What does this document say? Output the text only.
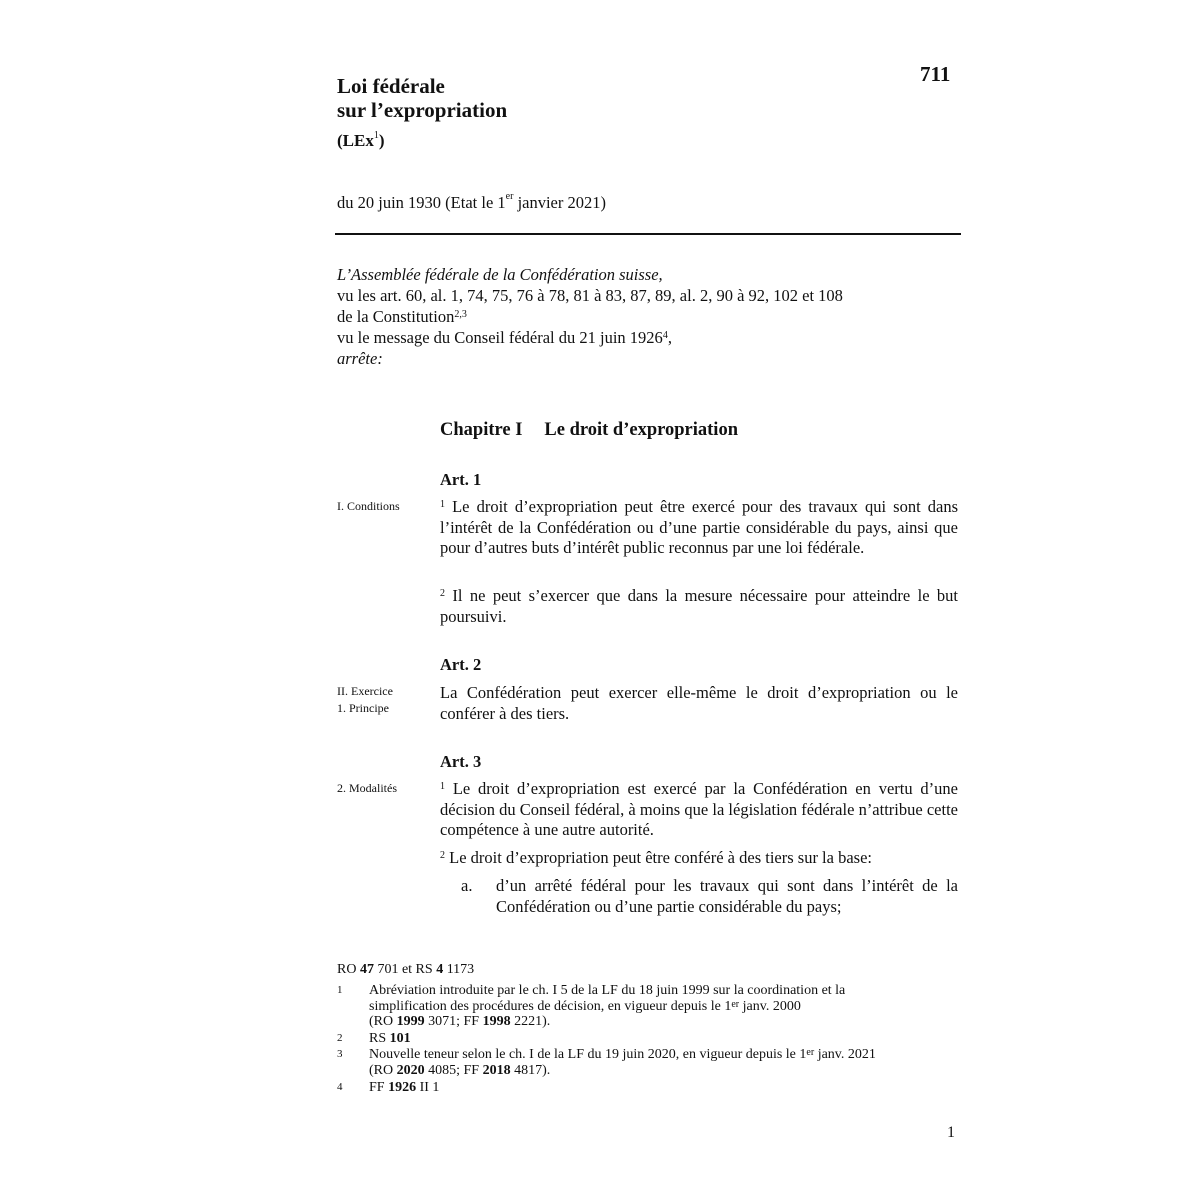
Loi fédérale
sur l’expropriation
711
(LEx$^1$)
du 20 juin 1930 (Etat le 1er janvier 2021)
L’Assemblée fédérale de la Confédération suisse,
vu les art. 60, al. 1, 74, 75, 76 à 78, 81 à 83, 87, 89, al. 2, 90 à 92, 102 et 108
de la Constitution$^{2,3}$
vu le message du Conseil fédéral du 21 juin 1926$^4$,
arrête:
Chapitre I Le droit d’expropriation
Art. 1
I. Conditions	$^1$ Le droit d’expropriation peut être exercé pour des travaux qui sont dans l’intérêt de la Confédération ou d’une partie considérable du pays, ainsi que pour d’autres buts d’intérêt public reconnus par une loi fédérale.
$^2$ Il ne peut s’exercer que dans la mesure nécessaire pour atteindre le but poursuivi.
Art. 2
II. Exercice
1. Principe
La Confédération peut exercer elle-même le droit d’expropriation ou le conférer à des tiers.
Art. 3
2. Modalités	$^1$ Le droit d’expropriation est exercé par la Confédération en vertu d’une décision du Conseil fédéral, à moins que la législation fédérale n’attribue cette compétence à une autre autorité.
$^2$ Le droit d’expropriation peut être conféré à des tiers sur la base:
a. d’un arrêté fédéral pour les travaux qui sont dans l’intérêt de la Confédération ou d’une partie considérable du pays;
RO 47 701 et RS 4 1173
1 Abréviation introduite par le ch. I 5 de la LF du 18 juin 1999 sur la coordination et la
simplification des procédures de décision, en vigueur depuis le 1er janv. 2000
(RO 1999 3071; FF 1998 2221).
2 RS 101
3 Nouvelle teneur selon le ch. I de la LF du 19 juin 2020, en vigueur depuis le 1er janv. 2021
(RO 2020 4085; FF 2018 4817).
4 FF 1926 II 1
1
